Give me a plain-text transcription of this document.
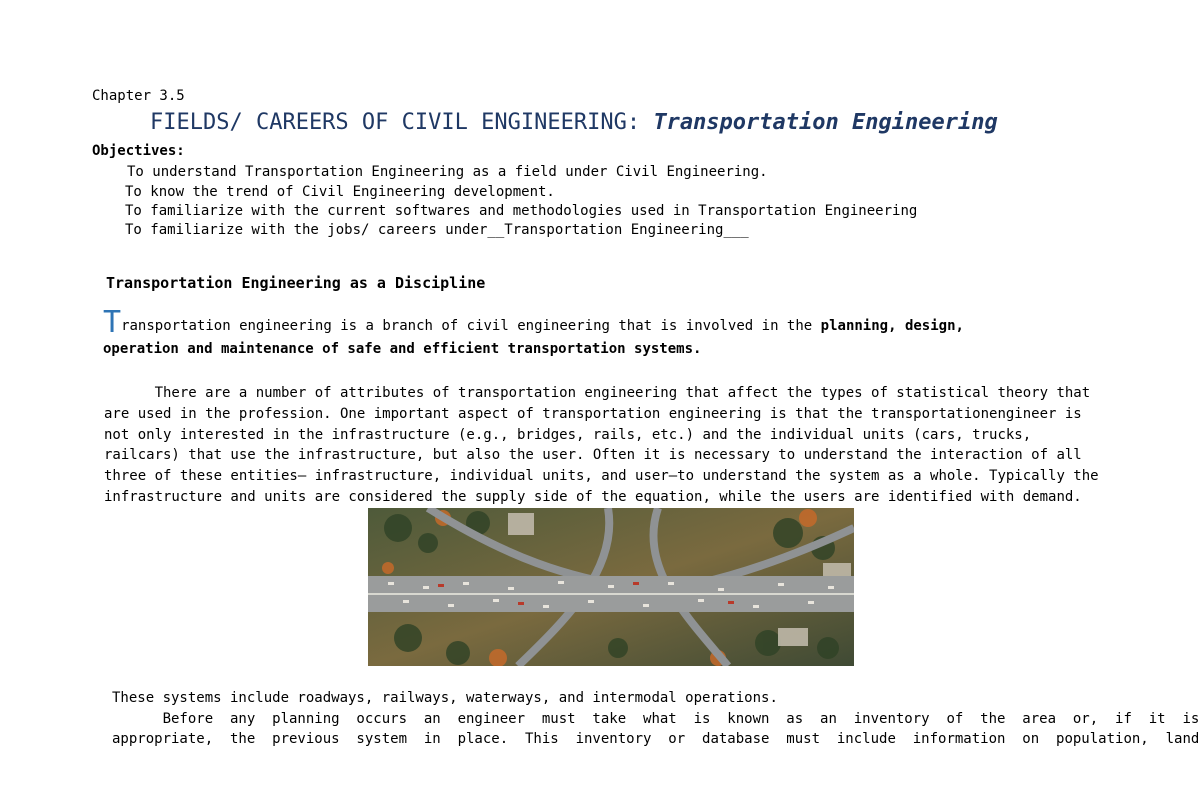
Chapter 3.5
FIELDS/ CAREERS OF CIVIL ENGINEERING: Transportation Engineering
Objectives:
To understand Transportation Engineering as a field under Civil Engineering.
To know the trend of Civil Engineering development.
To familiarize with the current softwares and methodologies used in Transportation Engineering
To familiarize with the jobs/ careers under__Transportation Engineering___
Transportation Engineering as a Discipline
Transportation engineering is a branch of civil engineering that is involved in the planning, design,
operation and maintenance of safe and efficient transportation systems.
There are a number of attributes of transportation engineering that affect the types of statistical theory that
are used in the profession. One important aspect of transportation engineering is that the transportationengineer is
not only interested in the infrastructure (e.g., bridges, rails, etc.) and the individual units (cars, trucks,
railcars) that use the infrastructure, but also the user. Often it is necessary to understand the interaction of all
three of these entities— infrastructure, individual units, and user—to understand the system as a whole. Typically the
infrastructure and units are considered the supply side of the equation, while the users are identified with demand.
These systems include roadways, railways, waterways, and intermodal operations.
Before  any  planning  occurs  an  engineer  must  take  what  is  known  as  an  inventory  of  the  area  or,  if  it  is
appropriate,  the  previous  system  in  place.  This  inventory  or  database  must  include  information  on  population,  land
